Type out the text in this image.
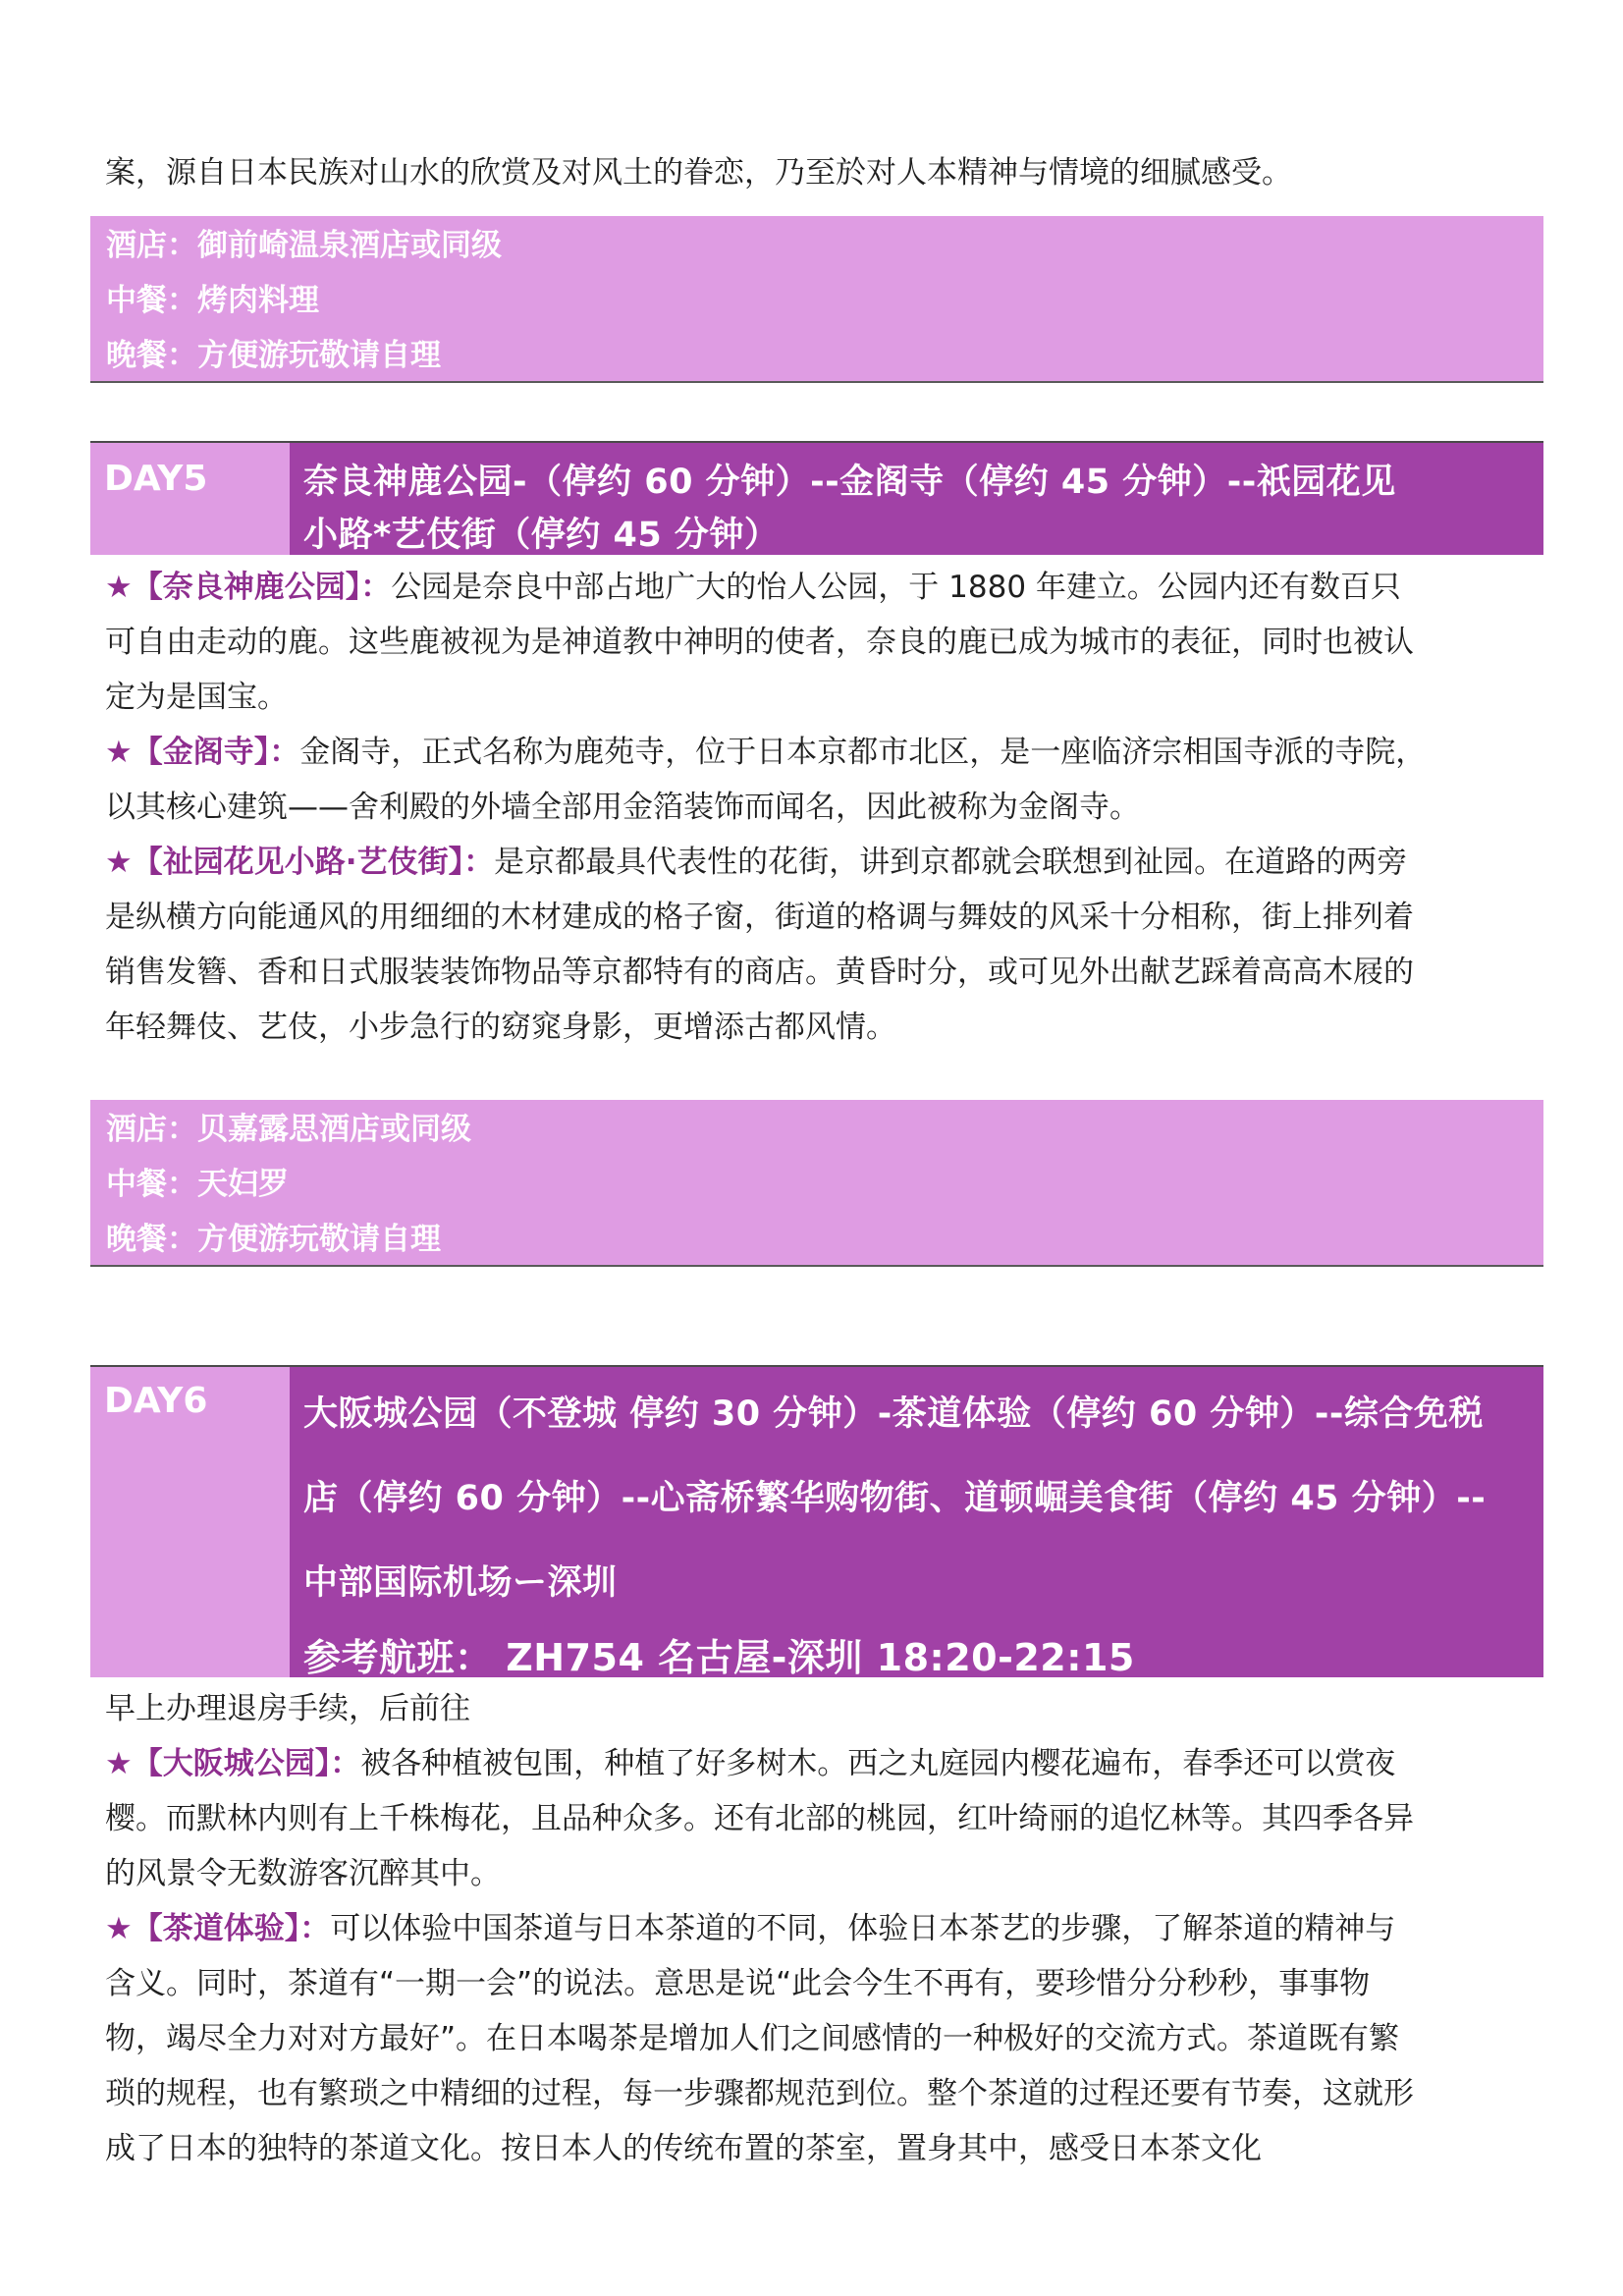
案，源自日本民族对山水的欣赏及对风土的眷恋，乃至於对人本精神与情境的细腻感受。
酒店：御前崎温泉酒店或同级
中餐：烤肉料理
晚餐：方便游玩敬请自理
DAY5	奈良神鹿公园-（停约 60 分钟）--金阁寺（停约 45 分钟）--祇园花见
小路*艺伎街（停约 45 分钟）
★【奈良神鹿公园】：公园是奈良中部占地广大的怡人公园，于 1880 年建立。公园内还有数百只
可自由走动的鹿。这些鹿被视为是神道教中神明的使者，奈良的鹿已成为城市的表征，同时也被认
定为是国宝。
★【金阁寺】：金阁寺，正式名称为鹿苑寺，位于日本京都市北区，是一座临济宗相国寺派的寺院，
以其核心建筑——舍利殿的外墙全部用金箔装饰而闻名，因此被称为金阁寺。
★【祉园花见小路·艺伎街】：是京都最具代表性的花街，讲到京都就会联想到祉园。在道路的两旁
是纵横方向能通风的用细细的木材建成的格子窗，街道的格调与舞妓的风采十分相称，街上排列着
销售发簪、香和日式服装装饰物品等京都特有的商店。黄昏时分，或可见外出献艺踩着高高木屐的
年轻舞伎、艺伎，小步急行的窈窕身影，更增添古都风情。
酒店：贝嘉露思酒店或同级
中餐：天妇罗
晚餐：方便游玩敬请自理
DAY6	大阪城公园（不登城 停约 30 分钟）-茶道体验（停约 60 分钟）--综合免税
店（停约 60 分钟）--心斋桥繁华购物街、道顿崛美食街（停约 45 分钟）--
中部国际机场ー深圳
参考航班： ZH754 名古屋-深圳 18:20-22:15
早上办理退房手续，后前往
★【大阪城公园】：被各种植被包围，种植了好多树木。西之丸庭园内樱花遍布，春季还可以赏夜
樱。而默林内则有上千株梅花，且品种众多。还有北部的桃园，红叶绮丽的追忆林等。其四季各异
的风景令无数游客沉醉其中。
★【茶道体验】：可以体验中国茶道与日本茶道的不同，体验日本茶艺的步骤，了解茶道的精神与
含义。同时，茶道有“一期一会”的说法。意思是说“此会今生不再有，要珍惜分分秒秒，事事物
物，竭尽全力对对方最好”。在日本喝茶是增加人们之间感情的一种极好的交流方式。茶道既有繁
琐的规程，也有繁琐之中精细的过程，每一步骤都规范到位。整个茶道的过程还要有节奏，这就形
成了日本的独特的茶道文化。按日本人的传统布置的茶室，置身其中，感受日本茶文化
